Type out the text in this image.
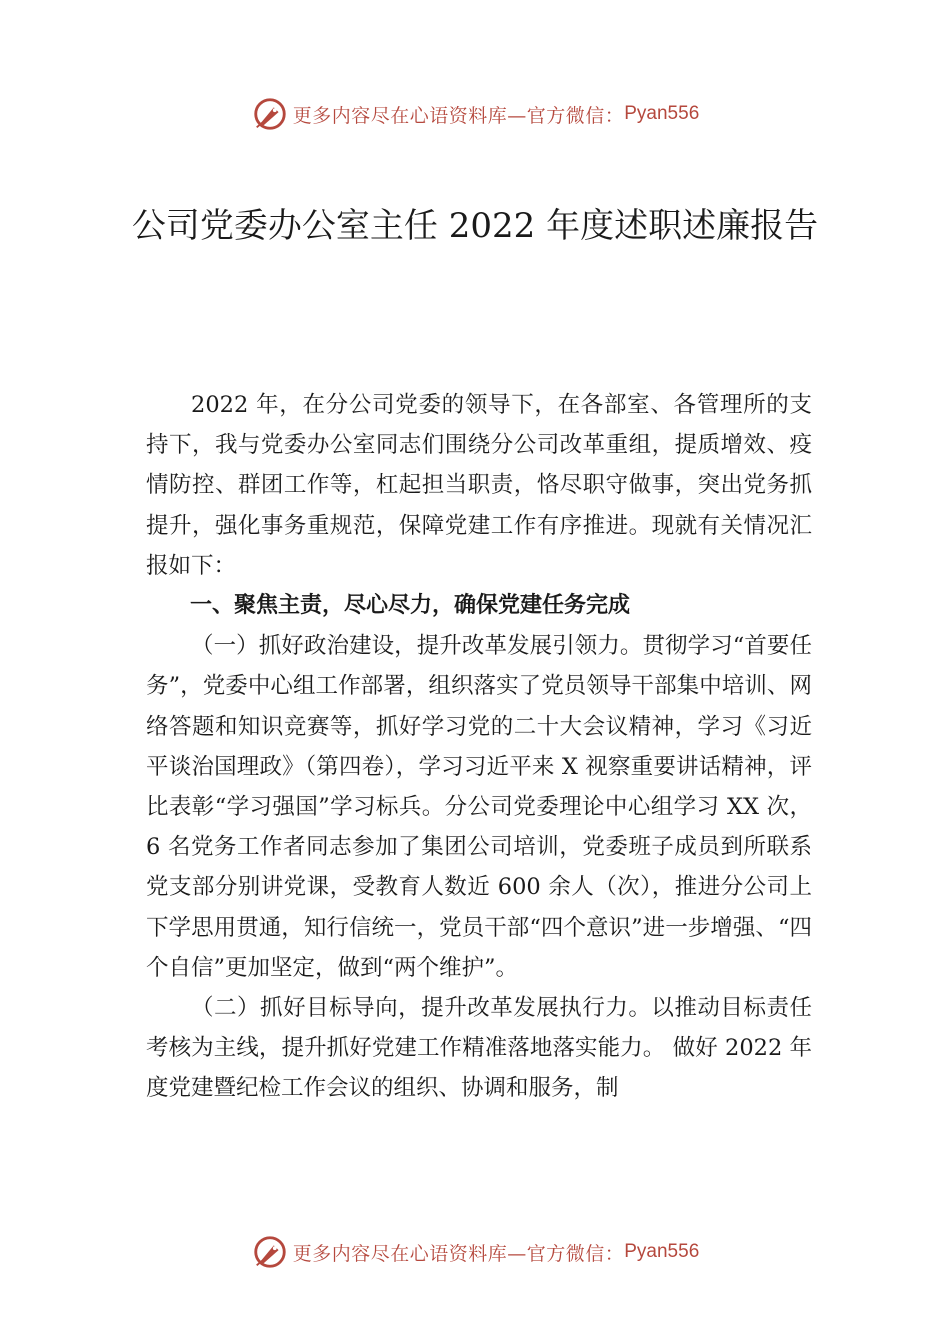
更多内容尽在心语资料库—官方微信： Pyan556
公司党委办公室主任 2022 年度述职述廉报告

2022 年，在分公司党委的领导下，在各部室、各管理所的支持下，我与党委办公室同志们围绕分公司改革重组，提质增效、疫情防控、群团工作等，杠起担当职责，恪尽职守做事，突出党务抓提升，强化事务重规范，保障党建工作有序推进。现就有关情况汇报如下：

一、聚焦主责，尽心尽力，确保党建任务完成

（一）抓好政治建设，提升改革发展引领力。贯彻学习“首要任务”，党委中心组工作部署，组织落实了党员领导干部集中培训、网络答题和知识竞赛等，抓好学习党的二十大会议精神，学习《习近平谈治国理政》（第四卷），学习习近平来 X 视察重要讲话精神，评比表彰“学习强国”学习标兵。分公司党委理论中心组学习 XX 次，6 名党务工作者同志参加了集团公司培训，党委班子成员到所联系党支部分别讲党课，受教育人数近 600 余人（次），推进分公司上下学思用贯通，知行信统一，党员干部“四个意识”进一步增强、“四个自信”更加坚定，做到“两个维护”。

（二）抓好目标导向，提升改革发展执行力。以推动目标责任考核为主线，提升抓好党建工作精准落地落实能力。 做好 2022 年度党建暨纪检工作会议的组织、协调和服务，制

更多内容尽在心语资料库—官方微信： Pyan556
